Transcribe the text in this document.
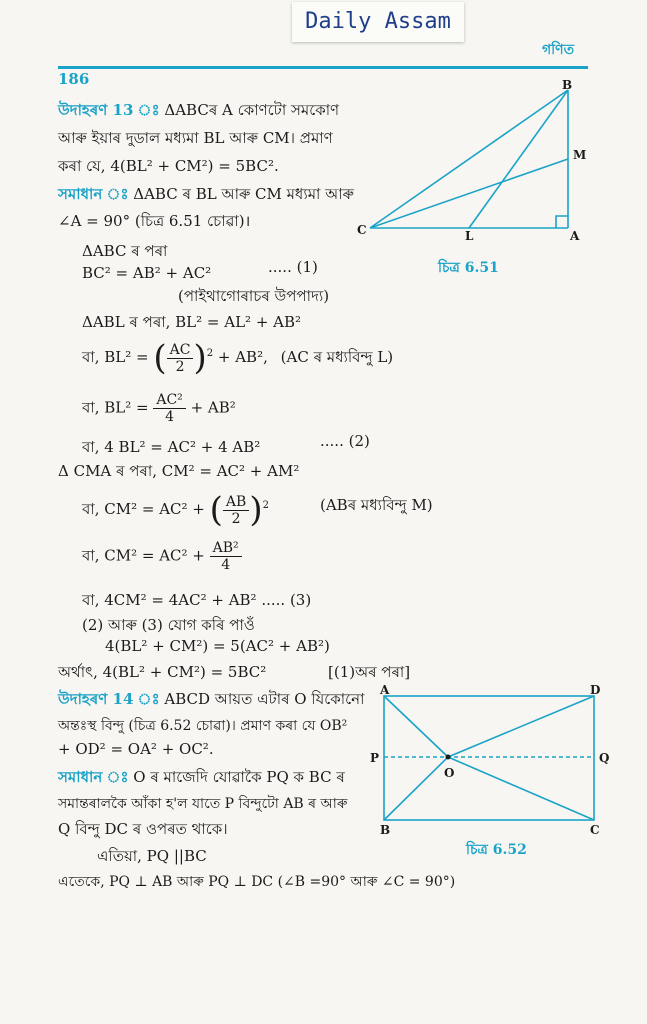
Daily Assam
গণিত
186
উদাহৰণ 13 ঃ ΔABCৰ A কোণটো সমকোণ
আৰু ইয়াৰ দুডাল মধ্যমা BL আৰু CM। প্ৰমাণ
কৰা যে, 4(BL² + CM²) = 5BC².
সমাধান ঃ ΔABC ৰ BL আৰু CM মধ্যমা আৰু
∠A = 90° (চিত্ৰ 6.51 চোৱা)।
ΔABC ৰ পৰা
BC² = AB² + AC²	..... (1)
(পাইথাগোৰাচৰ উপপাদ্য)
ΔABL ৰ পৰা, BL² = AL² + AB²
বা, BL² = ( $\frac{AC}{2} )^2 + AB^2$, (AC ৰ মধ্যবিন্দু L)
বা, $BL^2 = \frac{\text{AC²}}{4} + AB^2$
বা, 4 BL² = AC² + 4 AB²	..... (2)
Δ CMA ৰ পৰা, CM² = AC² + AM²
বা, CM² = AC² + ( $\frac{AB}{2} )^2$	(ABৰ মধ্যবিন্দু M)
বা, $CM^2 = AC^2 + \frac{\text{AB²}}{4}$
বা, 4CM² = 4AC² + AB² ..... (3)
(2) আৰু (3) যোগ কৰি পাওঁ
4(BL² + CM²) = 5(AC² + AB²)
অৰ্থাৎ, 4(BL² + CM²) = 5BC²	[(1)অৰ পৰা]
B
M
C	L	A
চিত্ৰ 6.51
উদাহৰণ 14 ঃ ABCD আয়ত এটাৰ O যিকোনো
অন্তঃস্থ বিন্দু (চিত্ৰ 6.52 চোৱা)। প্ৰমাণ কৰা যে OB²
+ OD² = OA² + OC².
সমাধান ঃ O ৰ মাজেদি যোৱাকৈ PQ ক BC ৰ
সমান্তৰালকৈ আঁকা হ'ল যাতে P বিন্দুটো AB ৰ আৰু
Q বিন্দু DC ৰ ওপৰত থাকে।
এতিয়া, PQ ||BC
এতেকে, PQ ⊥ AB আৰু PQ ⊥ DC (∠B =90° আৰু ∠C = 90°)
A	D
P	Q
O
B	C
চিত্ৰ 6.52
